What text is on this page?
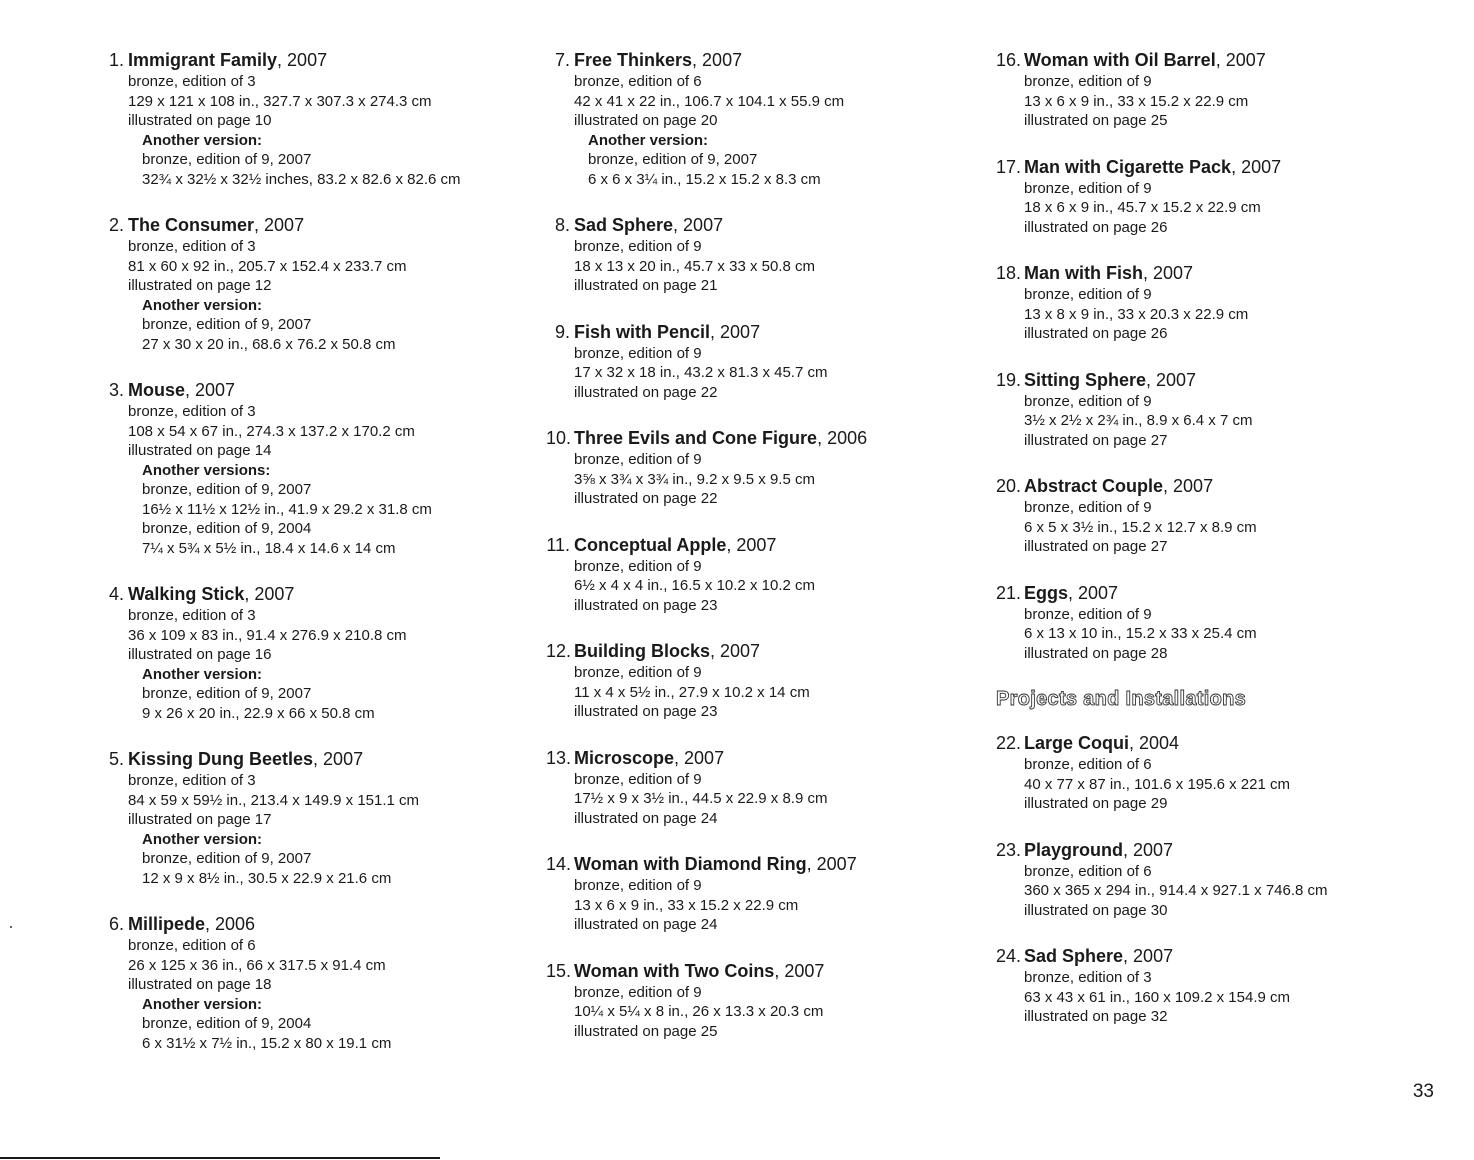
1. Immigrant Family, 2007
bronze, edition of 3
129 x 121 x 108 in., 327.7 x 307.3 x 274.3 cm
illustrated on page 10
Another version:
bronze, edition of 9, 2007
32¾ x 32½ x 32½ inches, 83.2 x 82.6 x 82.6 cm
2. The Consumer, 2007
bronze, edition of 3
81 x 60 x 92 in., 205.7 x 152.4 x 233.7 cm
illustrated on page 12
Another version:
bronze, edition of 9, 2007
27 x 30 x 20 in., 68.6 x 76.2 x 50.8 cm
3. Mouse, 2007
bronze, edition of 3
108 x 54 x 67 in., 274.3 x 137.2 x 170.2 cm
illustrated on page 14
Another versions:
bronze, edition of 9, 2007
16½ x 11½ x 12½ in., 41.9 x 29.2 x 31.8 cm
bronze, edition of 9, 2004
7¼ x 5¾ x 5½ in., 18.4 x 14.6 x 14 cm
4. Walking Stick, 2007
bronze, edition of 3
36 x 109 x 83 in., 91.4 x 276.9 x 210.8 cm
illustrated on page 16
Another version:
bronze, edition of 9, 2007
9 x 26 x 20 in., 22.9 x 66 x 50.8 cm
5. Kissing Dung Beetles, 2007
bronze, edition of 3
84 x 59 x 59½ in., 213.4 x 149.9 x 151.1 cm
illustrated on page 17
Another version:
bronze, edition of 9, 2007
12 x 9 x 8½ in., 30.5 x 22.9 x 21.6 cm
6. Millipede, 2006
bronze, edition of 6
26 x 125 x 36 in., 66 x 317.5 x 91.4 cm
illustrated on page 18
Another version:
bronze, edition of 9, 2004
6 x 31½ x 7½ in., 15.2 x 80 x 19.1 cm
7. Free Thinkers, 2007
bronze, edition of 6
42 x 41 x 22 in., 106.7 x 104.1 x 55.9 cm
illustrated on page 20
Another version:
bronze, edition of 9, 2007
6 x 6 x 3¼ in., 15.2 x 15.2 x 8.3 cm
8. Sad Sphere, 2007
bronze, edition of 9
18 x 13 x 20 in., 45.7 x 33 x 50.8 cm
illustrated on page 21
9. Fish with Pencil, 2007
bronze, edition of 9
17 x 32 x 18 in., 43.2 x 81.3 x 45.7 cm
illustrated on page 22
10. Three Evils and Cone Figure, 2006
bronze, edition of 9
3⅝ x 3¾ x 3¾ in., 9.2 x 9.5 x 9.5 cm
illustrated on page 22
11. Conceptual Apple, 2007
bronze, edition of 9
6½ x 4 x 4 in., 16.5 x 10.2 x 10.2 cm
illustrated on page 23
12. Building Blocks, 2007
bronze, edition of 9
11 x 4 x 5½ in., 27.9 x 10.2 x 14 cm
illustrated on page 23
13. Microscope, 2007
bronze, edition of 9
17½ x 9 x 3½ in., 44.5 x 22.9 x 8.9 cm
illustrated on page 24
14. Woman with Diamond Ring, 2007
bronze, edition of 9
13 x 6 x 9 in., 33 x 15.2 x 22.9 cm
illustrated on page 24
15. Woman with Two Coins, 2007
bronze, edition of 9
10¼ x 5¼ x 8 in., 26 x 13.3 x 20.3 cm
illustrated on page 25
16. Woman with Oil Barrel, 2007
bronze, edition of 9
13 x 6 x 9 in., 33 x 15.2 x 22.9 cm
illustrated on page 25
17. Man with Cigarette Pack, 2007
bronze, edition of 9
18 x 6 x 9 in., 45.7 x 15.2 x 22.9 cm
illustrated on page 26
18. Man with Fish, 2007
bronze, edition of 9
13 x 8 x 9 in., 33 x 20.3 x 22.9 cm
illustrated on page 26
19. Sitting Sphere, 2007
bronze, edition of 9
3½ x 2½ x 2¾ in., 8.9 x 6.4 x 7 cm
illustrated on page 27
20. Abstract Couple, 2007
bronze, edition of 9
6 x 5 x 3½ in., 15.2 x 12.7 x 8.9 cm
illustrated on page 27
21. Eggs, 2007
bronze, edition of 9
6 x 13 x 10 in., 15.2 x 33 x 25.4 cm
illustrated on page 28
Projects and Installations
22. Large Coqui, 2004
bronze, edition of 6
40 x 77 x 87 in., 101.6 x 195.6 x 221 cm
illustrated on page 29
23. Playground, 2007
bronze, edition of 6
360 x 365 x 294 in., 914.4 x 927.1 x 746.8 cm
illustrated on page 30
24. Sad Sphere, 2007
bronze, edition of 3
63 x 43 x 61 in., 160 x 109.2 x 154.9 cm
illustrated on page 32
33
